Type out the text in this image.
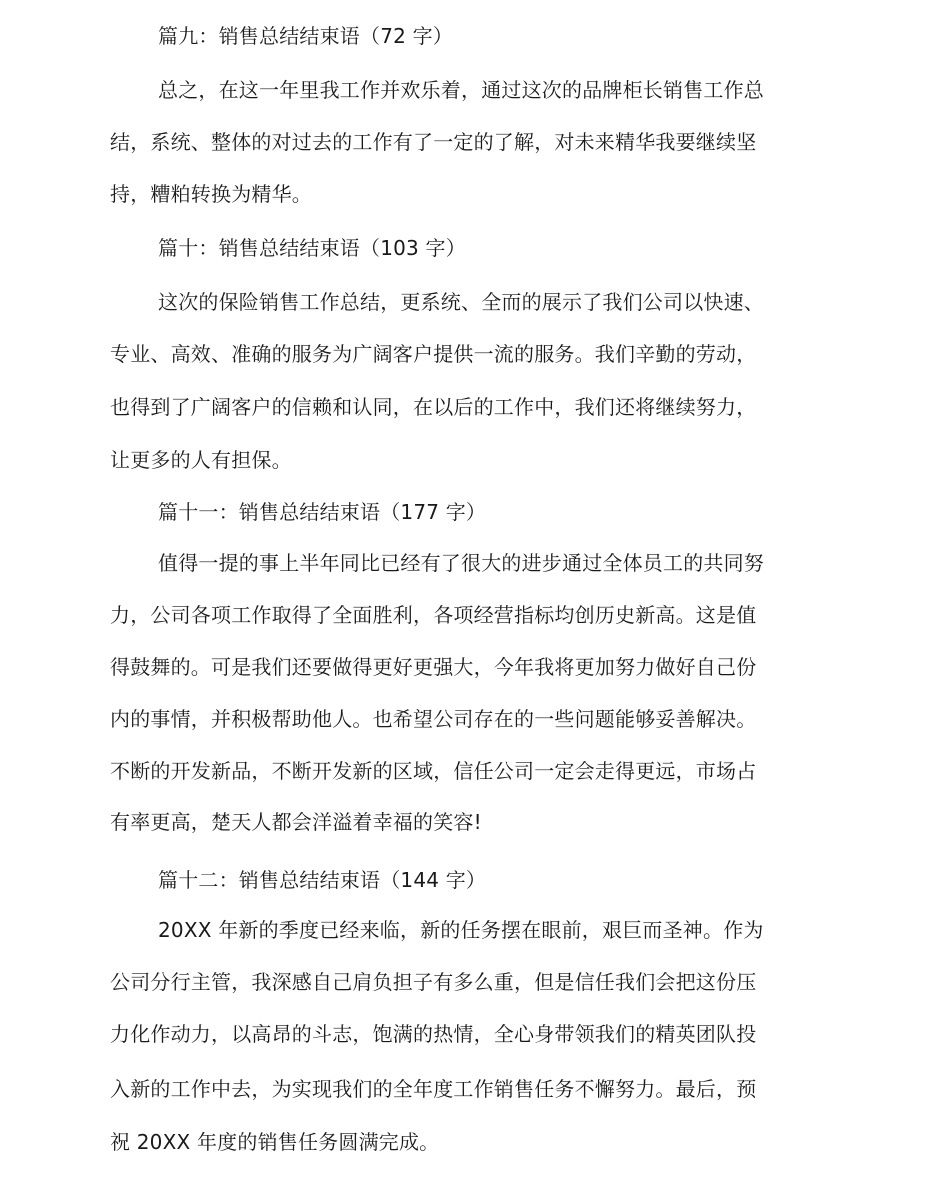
篇九：销售总结结束语（72 字）
总之，在这一年里我工作并欢乐着，通过这次的品牌柜长销售工作总
结，系统、整体的对过去的工作有了一定的了解，对未来精华我要继续坚
持，糟粕转换为精华。
篇十：销售总结结束语（103 字）
这次的保险销售工作总结，更系统、全而的展示了我们公司以快速、
专业、高效、准确的服务为广阔客户提供一流的服务。我们辛勤的劳动，
也得到了广阔客户的信赖和认同，在以后的工作中，我们还将继续努力，
让更多的人有担保。
篇十一：销售总结结束语（177 字）
值得一提的事上半年同比已经有了很大的进步通过全体员工的共同努
力，公司各项工作取得了全面胜利，各项经营指标均创历史新高。这是值
得鼓舞的。可是我们还要做得更好更强大，今年我将更加努力做好自己份
内的事情，并积极帮助他人。也希望公司存在的一些问题能够妥善解决。
不断的开发新品，不断开发新的区域，信任公司一定会走得更远，市场占
有率更高，楚天人都会洋溢着幸福的笑容!
篇十二：销售总结结束语（144 字）
20XX 年新的季度已经来临，新的任务摆在眼前，艰巨而圣神。作为
公司分行主管，我深感自己肩负担子有多么重，但是信任我们会把这份压
力化作动力，以高昂的斗志，饱满的热情，全心身带领我们的精英团队投
入新的工作中去，为实现我们的全年度工作销售任务不懈努力。最后，预
祝 20XX 年度的销售任务圆满完成。
